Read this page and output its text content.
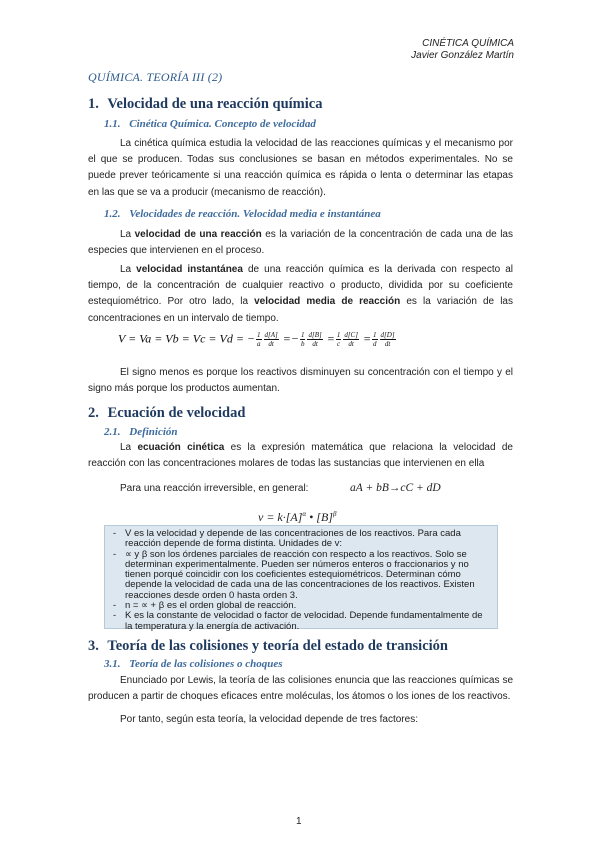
CINÉTICA QUÍMICA
Javier González Martín
QUÍMICA. TEORÍA III (2)
1. Velocidad de una reacción química
1.1. Cinética Química. Concepto de velocidad
La cinética química estudia la velocidad de las reacciones químicas y el mecanismo por el que se producen. Todas sus conclusiones se basan en métodos experimentales. No se puede prever teóricamente si una reacción química es rápida o lenta o determinar las etapas en las que se va a producir (mecanismo de reacción).
1.2. Velocidades de reacción. Velocidad media e instantánea
La velocidad de una reacción es la variación de la concentración de cada una de las especies que intervienen en el proceso.
La velocidad instantánea de una reacción química es la derivada con respecto al tiempo, de la concentración de cualquier reactivo o producto, dividida por su coeficiente estequiométrico. Por otro lado, la velocidad media de reacción es la variación de las concentraciones en un intervalo de tiempo.
V = Va = Vb = Vc = Vd = − $\frac{1}{a} \frac{d[A]}{dt} =- \frac{1}{b} \frac{d[B]}{dt} = \frac{1}{c} \frac{d[C]}{dt} = \frac{1}{d} \frac{d[D]}{dt}$
El signo menos es porque los reactivos disminuyen su concentración con el tiempo y el signo más porque los productos aumentan.
2. Ecuación de velocidad
2.1. Definición
La ecuación cinética es la expresión matemática que relaciona la velocidad de reacción con las concentraciones molares de todas las sustancias que intervienen en ella
Para una reacción irreversible, en general:	aA + bB→cC + dD
$v = k\cdot[A]^\alpha$ • $[B]^\beta$
- V es la velocidad y depende de las concentraciones de los reactivos. Para cada reacción depende de forma distinta. Unidades de v:
- ∝ y β son los órdenes parciales de reacción con respecto a los reactivos. Solo se determinan experimentalmente. Pueden ser números enteros o fraccionarios y no tienen porqué coincidir con los coeficientes estequiométricos. Determinan cómo depende la velocidad de cada una de las concentraciones de los reactivos. Existen reacciones desde orden 0 hasta orden 3.
- n = ∝ + β es el orden global de reacción.
- K es la constante de velocidad o factor de velocidad. Depende fundamentalmente de la temperatura y la energía de activación.
3. Teoría de las colisiones y teoría del estado de transición
3.1. Teoría de las colisiones o choques
Enunciado por Lewis, la teoría de las colisiones enuncia que las reacciones químicas se producen a partir de choques eficaces entre moléculas, los átomos o los iones de los reactivos.
Por tanto, según esta teoría, la velocidad depende de tres factores:
1
